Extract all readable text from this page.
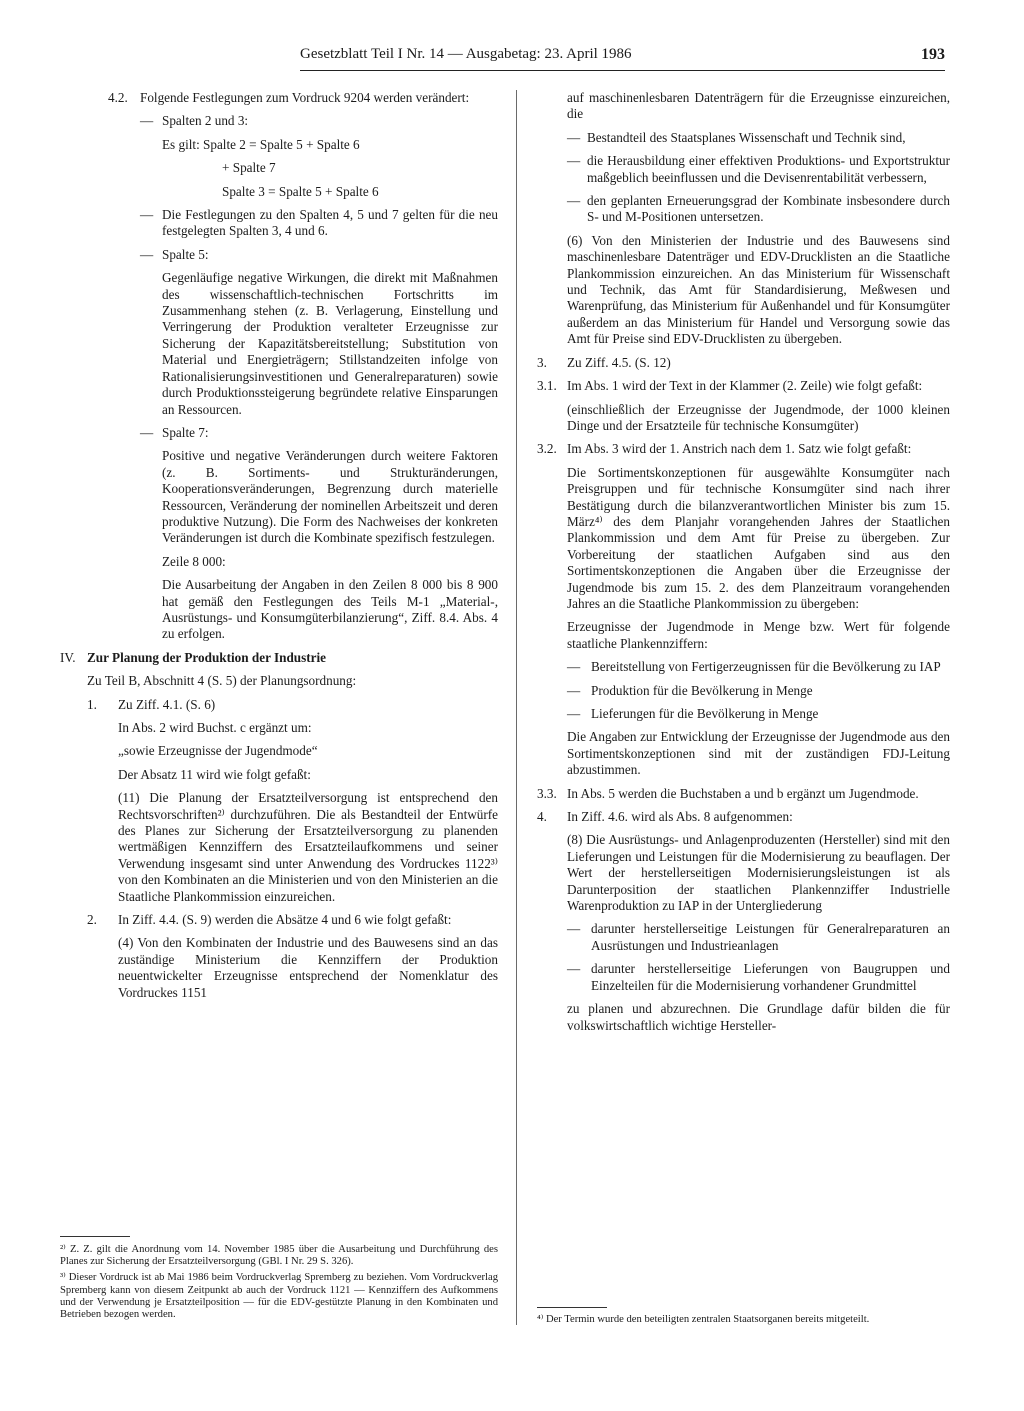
Gesetzblatt Teil I Nr. 14 — Ausgabetag: 23. April 1986	193
4.2. Folgende Festlegungen zum Vordruck 9204 werden verändert:
— Spalten 2 und 3:
Es gilt: Spalte 2 = Spalte 5 + Spalte 6
+ Spalte 7
Spalte 3 = Spalte 5 + Spalte 6
— Die Festlegungen zu den Spalten 4, 5 und 7 gelten für die neu festgelegten Spalten 3, 4 und 6.
— Spalte 5:
Gegenläufige negative Wirkungen, die direkt mit Maßnahmen des wissenschaftlich-technischen Fortschritts im Zusammenhang stehen (z. B. Verlagerung, Einstellung und Verringerung der Produktion veralteter Erzeugnisse zur Sicherung der Kapazitätsbereitstellung; Substitution von Material und Energieträgern; Stillstandzeiten infolge von Rationalisierungsinvestitionen und Generalreparaturen) sowie durch Produktionssteigerung begründete relative Einsparungen an Ressourcen.
— Spalte 7:
Positive und negative Veränderungen durch weitere Faktoren (z. B. Sortiments- und Strukturänderungen, Kooperationsveränderungen, Begrenzung durch materielle Ressourcen, Veränderung der nominellen Arbeitszeit und deren produktive Nutzung). Die Form des Nachweises der konkreten Veränderungen ist durch die Kombinate spezifisch festzulegen.
Zeile 8 000:
Die Ausarbeitung der Angaben in den Zeilen 8 000 bis 8 900 hat gemäß den Festlegungen des Teils M-1 „Material-, Ausrüstungs- und Konsumgüterbilanzierung“, Ziff. 8.4. Abs. 4 zu erfolgen.
IV. Zur Planung der Produktion der Industrie
Zu Teil B, Abschnitt 4 (S. 5) der Planungsordnung:
1. Zu Ziff. 4.1. (S. 6)
In Abs. 2 wird Buchst. c ergänzt um:
„sowie Erzeugnisse der Jugendmode“
Der Absatz 11 wird wie folgt gefaßt:
(11) Die Planung der Ersatzteilversorgung ist entsprechend den Rechtsvorschriften²⁾ durchzuführen. Die als Bestandteil der Entwürfe des Planes zur Sicherung der Ersatzteilversorgung zu planenden wertmäßigen Kennziffern des Ersatzteilaufkommens und seiner Verwendung insgesamt sind unter Anwendung des Vordruckes 1122³⁾ von den Kombinaten an die Ministerien und von den Ministerien an die Staatliche Plankommission einzureichen.
2. In Ziff. 4.4. (S. 9) werden die Absätze 4 und 6 wie folgt gefaßt:
(4) Von den Kombinaten der Industrie und des Bauwesens sind an das zuständige Ministerium die Kennziffern der Produktion neuentwickelter Erzeugnisse entsprechend der Nomenklatur des Vordruckes 1151
auf maschinenlesbaren Datenträgern für die Erzeugnisse einzureichen, die
— Bestandteil des Staatsplanes Wissenschaft und Technik sind,
— die Herausbildung einer effektiven Produktions- und Exportstruktur maßgeblich beeinflussen und die Devisenrentabilität verbessern,
— den geplanten Erneuerungsgrad der Kombinate insbesondere durch S- und M-Positionen untersetzen.
(6) Von den Ministerien der Industrie und des Bauwesens sind maschinenlesbare Datenträger und EDV-Drucklisten an die Staatliche Plankommission einzureichen. An das Ministerium für Wissenschaft und Technik, das Amt für Standardisierung, Meßwesen und Warenprüfung, das Ministerium für Außenhandel und für Konsumgüter außerdem an das Ministerium für Handel und Versorgung sowie das Amt für Preise sind EDV-Drucklisten zu übergeben.
3. Zu Ziff. 4.5. (S. 12)
3.1. Im Abs. 1 wird der Text in der Klammer (2. Zeile) wie folgt gefaßt:
(einschließlich der Erzeugnisse der Jugendmode, der 1000 kleinen Dinge und der Ersatzteile für technische Konsumgüter)
3.2. Im Abs. 3 wird der 1. Anstrich nach dem 1. Satz wie folgt gefaßt:
Die Sortimentskonzeptionen für ausgewählte Konsumgüter nach Preisgruppen und für technische Konsumgüter sind nach ihrer Bestätigung durch die bilanzverantwortlichen Minister bis zum 15. März⁴⁾ des dem Planjahr vorangehenden Jahres der Staatlichen Plankommission und dem Amt für Preise zu übergeben. Zur Vorbereitung der staatlichen Aufgaben sind aus den Sortimentskonzeptionen die Angaben über die Erzeugnisse der Jugendmode bis zum 15. 2. des dem Planzeitraum vorangehenden Jahres an die Staatliche Plankommission zu übergeben:
Erzeugnisse der Jugendmode in Menge bzw. Wert für folgende staatliche Plankennziffern:
— Bereitstellung von Fertigerzeugnissen für die Bevölkerung zu IAP
— Produktion für die Bevölkerung in Menge
— Lieferungen für die Bevölkerung in Menge
Die Angaben zur Entwicklung der Erzeugnisse der Jugendmode aus den Sortimentskonzeptionen sind mit der zuständigen FDJ-Leitung abzustimmen.
3.3. In Abs. 5 werden die Buchstaben a und b ergänzt um Jugendmode.
4. In Ziff. 4.6. wird als Abs. 8 aufgenommen:
(8) Die Ausrüstungs- und Anlagenproduzenten (Hersteller) sind mit den Lieferungen und Leistungen für die Modernisierung zu beauflagen. Der Wert der herstellerseitigen Modernisierungsleistungen ist als Darunterposition der staatlichen Plankennziffer Industrielle Warenproduktion zu IAP in der Untergliederung
— darunter herstellerseitige Leistungen für Generalreparaturen an Ausrüstungen und Industrieanlagen
— darunter herstellerseitige Lieferungen von Baugruppen und Einzelteilen für die Modernisierung vorhandener Grundmittel
zu planen und abzurechnen. Die Grundlage dafür bilden die für volkswirtschaftlich wichtige Hersteller-
²⁾ Z. Z. gilt die Anordnung vom 14. November 1985 über die Ausarbeitung und Durchführung des Planes zur Sicherung der Ersatzteilversorgung (GBl. I Nr. 29 S. 326).
³⁾ Dieser Vordruck ist ab Mai 1986 beim Vordruckverlag Spremberg zu beziehen. Vom Vordruckverlag Spremberg kann von diesem Zeitpunkt ab auch der Vordruck 1121 — Kennziffern des Aufkommens und der Verwendung je Ersatzteilposition — für die EDV-gestützte Planung in den Kombinaten und Betrieben bezogen werden.	⁴⁾ Der Termin wurde den beteiligten zentralen Staatsorganen bereits mitgeteilt.
